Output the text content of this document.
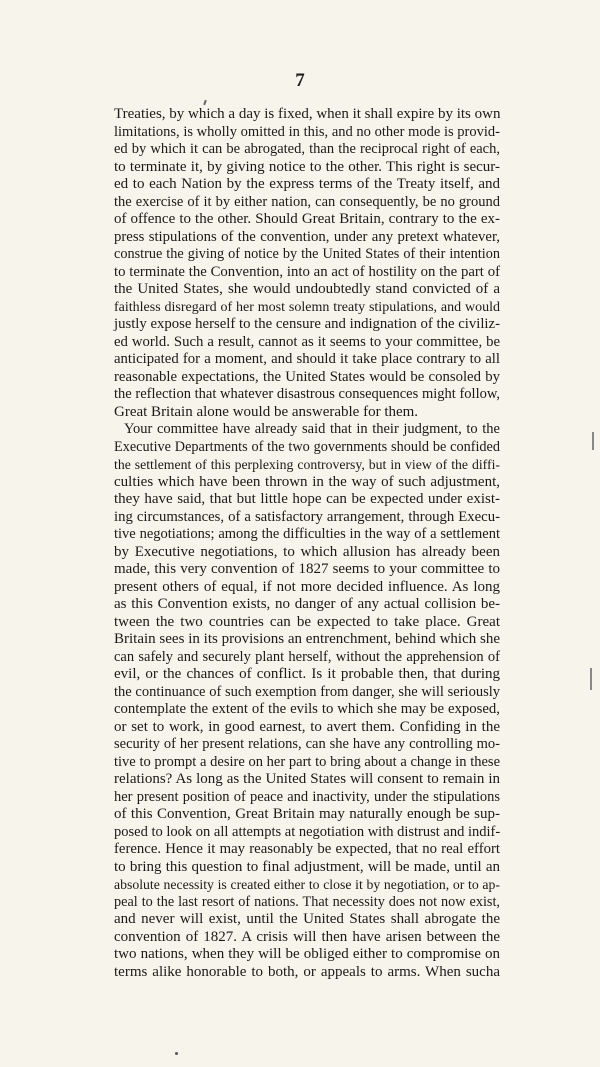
7
Treaties, by which a day is fixed, when it shall expire by its own
limitations, is wholly omitted in this, and no other mode is provid-
ed by which it can be abrogated, than the reciprocal right of each,
to terminate it, by giving notice to the other. This right is secur-
ed to each Nation by the express terms of the Treaty itself, and
the exercise of it by either nation, can consequently, be no ground
of offence to the other. Should Great Britain, contrary to the ex-
press stipulations of the convention, under any pretext whatever,
construe the giving of notice by the United States of their intention
to terminate the Convention, into an act of hostility on the part of
the United States, she would undoubtedly stand convicted of a
faithless disregard of her most solemn treaty stipulations, and would
justly expose herself to the censure and indignation of the civiliz-
ed world. Such a result, cannot as it seems to your committee, be
anticipated for a moment, and should it take place contrary to all
reasonable expectations, the United States would be consoled by
the reflection that whatever disastrous consequences might follow,
Great Britain alone would be answerable for them.
Your committee have already said that in their judgment, to the
Executive Departments of the two governments should be confided
the settlement of this perplexing controversy, but in view of the diffi-
culties which have been thrown in the way of such adjustment,
they have said, that but little hope can be expected under exist-
ing circumstances, of a satisfactory arrangement, through Execu-
tive negotiations; among the difficulties in the way of a settlement
by Executive negotiations, to which allusion has already been
made, this very convention of 1827 seems to your committee to
present others of equal, if not more decided influence. As long
as this Convention exists, no danger of any actual collision be-
tween the two countries can be expected to take place. Great
Britain sees in its provisions an entrenchment, behind which she
can safely and securely plant herself, without the apprehension of
evil, or the chances of conflict. Is it probable then, that during
the continuance of such exemption from danger, she will seriously
contemplate the extent of the evils to which she may be exposed,
or set to work, in good earnest, to avert them. Confiding in the
security of her present relations, can she have any controlling mo-
tive to prompt a desire on her part to bring about a change in these
relations? As long as the United States will consent to remain in
her present position of peace and inactivity, under the stipulations
of this Convention, Great Britain may naturally enough be sup-
posed to look on all attempts at negotiation with distrust and indif-
ference. Hence it may reasonably be expected, that no real effort
to bring this question to final adjustment, will be made, until an
absolute necessity is created either to close it by negotiation, or to ap-
peal to the last resort of nations. That necessity does not now exist,
and never will exist, until the United States shall abrogate the
convention of 1827. A crisis will then have arisen between the
two nations, when they will be obliged either to compromise on
terms alike honorable to both, or appeals to arms. When sucha
